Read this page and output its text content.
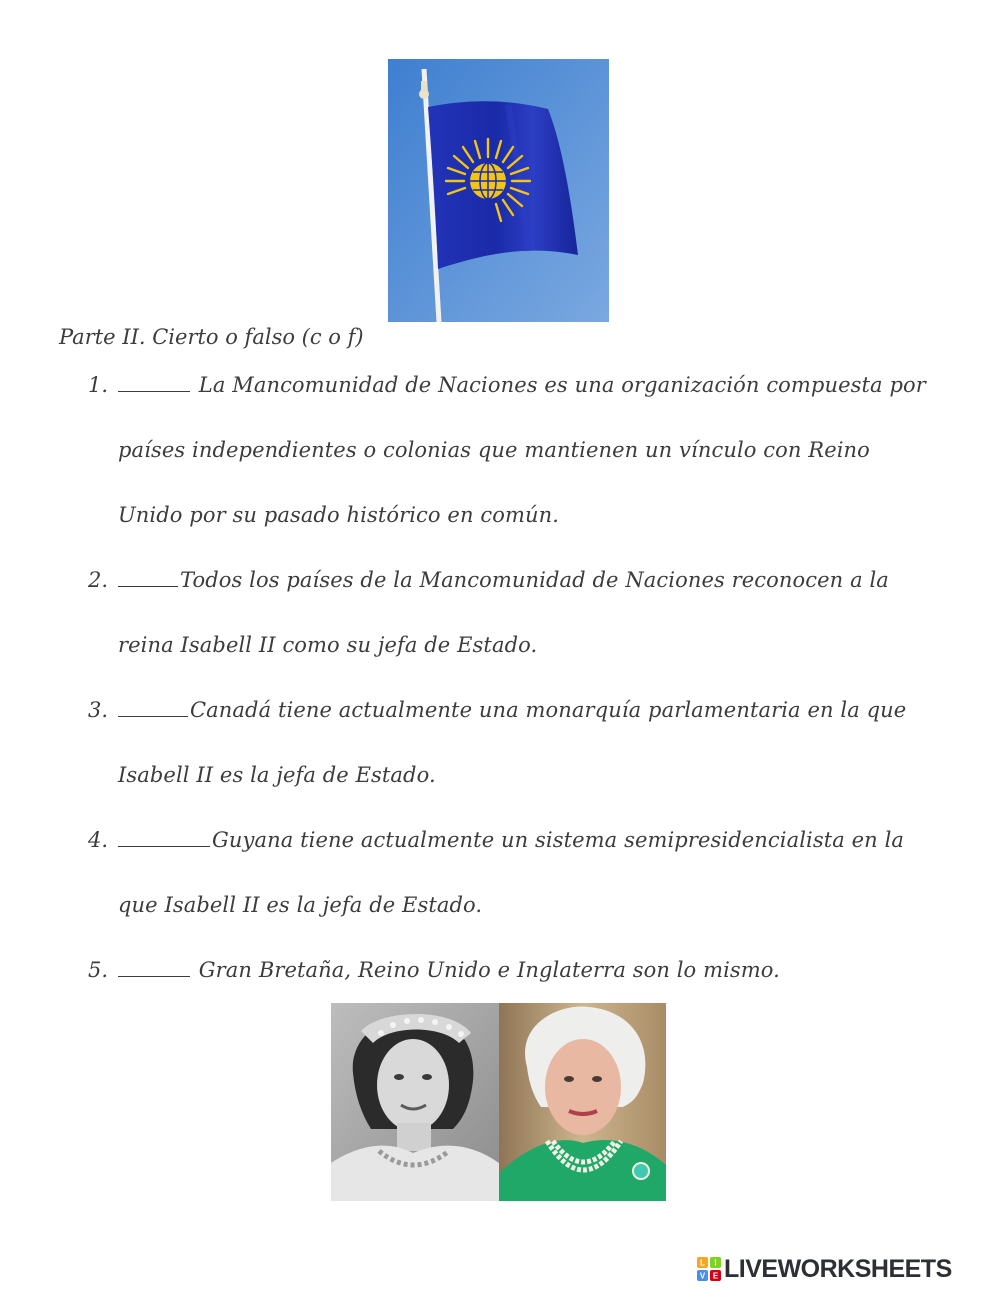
Parte II. Cierto o falso (c o f)
1.	La Mancomunidad de Naciones es una organización compuesta por
países independientes o colonias que mantienen un vínculo con Reino
Unido por su pasado histórico en común.
2.	Todos los países de la Mancomunidad de Naciones reconocen a la
reina Isabell II como su jefa de Estado.
3.	Canadá tiene actualmente una monarquía parlamentaria en la que
Isabell II es la jefa de Estado.
4.	Guyana tiene actualmente un sistema semipresidencialista en la
que Isabell II es la jefa de Estado.
5.	Gran Bretaña, Reino Unido e Inglaterra son lo mismo.
L I
V E LIVEWORKSHEETS
